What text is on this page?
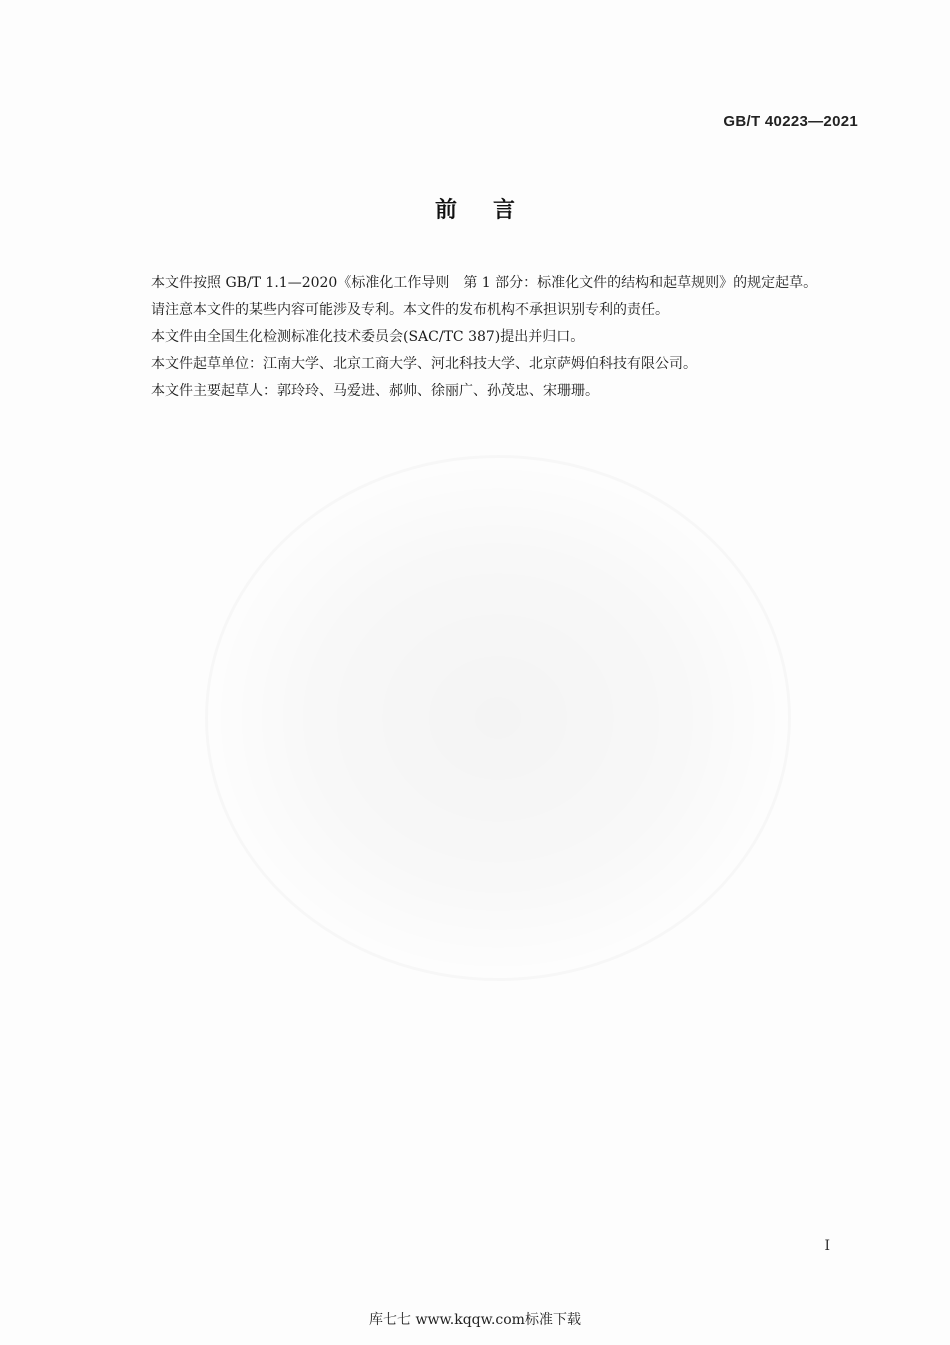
GB/T 40223—2021
前言

本文件按照 GB/T 1.1—2020《标准化工作导则　第 1 部分：标准化文件的结构和起草规则》的规定起草。

请注意本文件的某些内容可能涉及专利。本文件的发布机构不承担识别专利的责任。

本文件由全国生化检测标准化技术委员会(SAC/TC 387)提出并归口。

本文件起草单位：江南大学、北京工商大学、河北科技大学、北京萨姆伯科技有限公司。

本文件主要起草人：郭玲玲、马爱进、郝帅、徐丽广、孙茂忠、宋珊珊。

I
库七七 www.kqqw.com标准下载
